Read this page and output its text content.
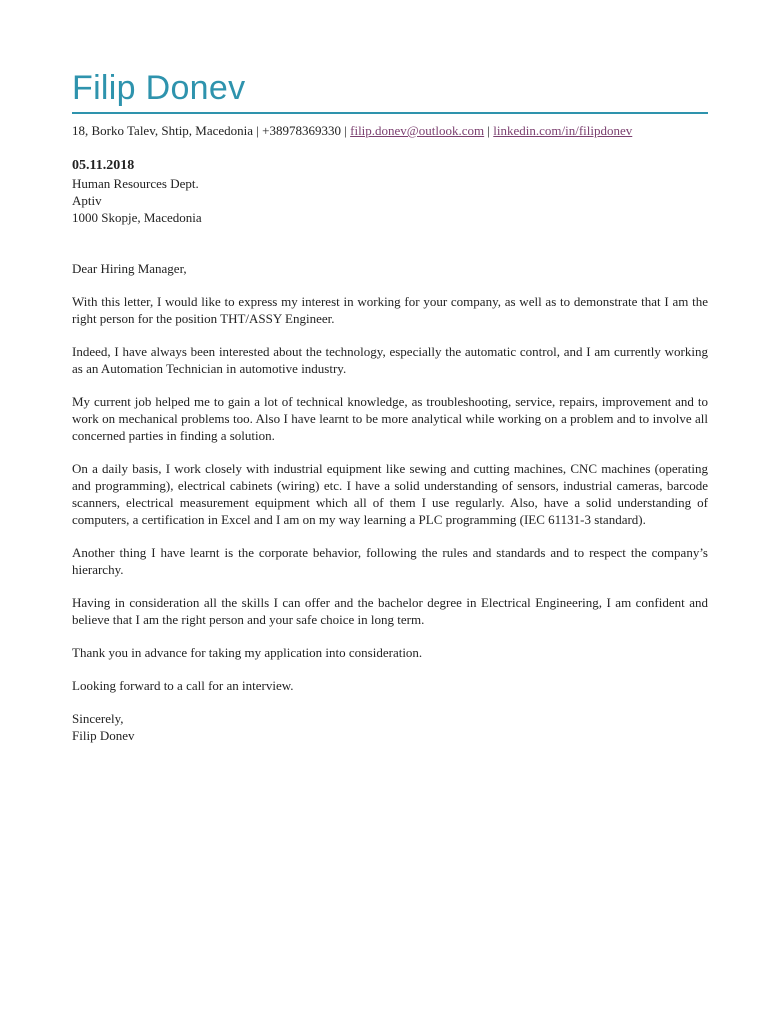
Filip Donev
18, Borko Talev, Shtip, Macedonia | +38978369330 | filip.donev@outlook.com | linkedin.com/in/filipdonev
05.11.2018
Human Resources Dept.
Aptiv
1000 Skopje, Macedonia

Dear Hiring Manager,

With this letter, I would like to express my interest in working for your company, as well as to demonstrate that I am the right person for the position THT/ASSY Engineer.

Indeed, I have always been interested about the technology, especially the automatic control, and I am currently working as an Automation Technician in automotive industry.

My current job helped me to gain a lot of technical knowledge, as troubleshooting, service, repairs, improvement and to work on mechanical problems too. Also I have learnt to be more analytical while working on a problem and to involve all concerned parties in finding a solution.

On a daily basis, I work closely with industrial equipment like sewing and cutting machines, CNC machines (operating and programming), electrical cabinets (wiring) etc. I have a solid understanding of sensors, industrial cameras, barcode scanners, electrical measurement equipment which all of them I use regularly. Also, have a solid understanding of computers, a certification in Excel and I am on my way learning a PLC programming (IEC 61131-3 standard).

Another thing I have learnt is the corporate behavior, following the rules and standards and to respect the company’s hierarchy.

Having in consideration all the skills I can offer and the bachelor degree in Electrical Engineering, I am confident and believe that I am the right person and your safe choice in long term.

Thank you in advance for taking my application into consideration.

Looking forward to a call for an interview.

Sincerely,
Filip Donev
